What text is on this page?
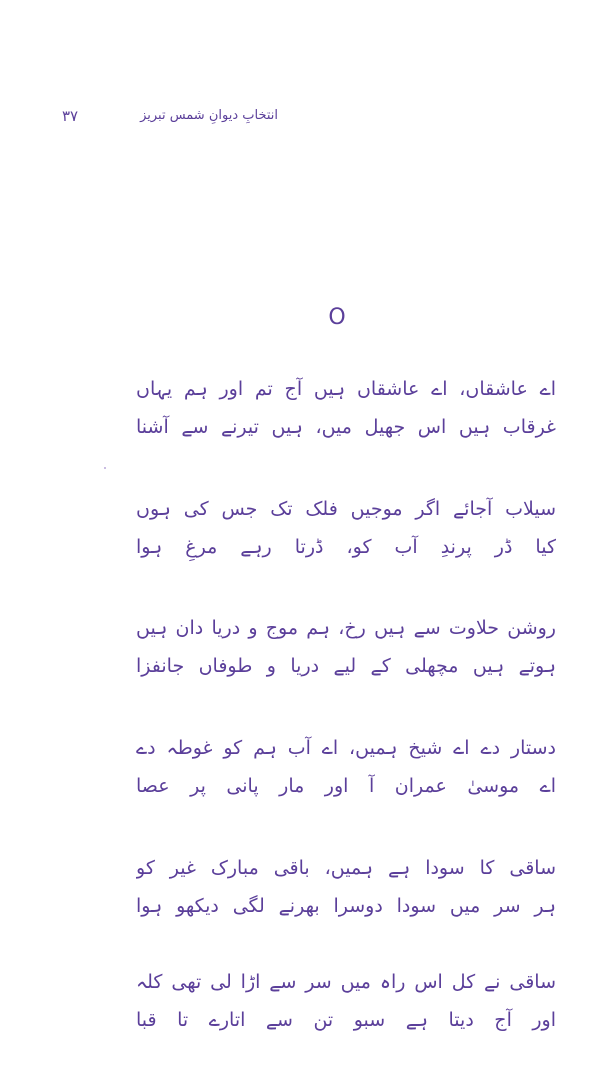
٣٧	انتخابِ دیوانِ شمس تبریز
O
اے عاشقاں، اے عاشقاں ہیں آج تم اور ہم یہاں
غرقاب ہیں اس جھیل میں، ہیں تیرنے سے آشنا
سیلاب آجائے اگر موجیں فلک تک جس کی ہوں
کیا ڈر پرندِ آب کو، ڈرتا رہے مرغِ ہوا
روشن حلاوت سے ہیں رخ، ہم موج و دریا دان ہیں
ہوتے ہیں مچھلی کے لیے دریا و طوفاں جانفزا
دستار دے اے شیخ ہمیں، اے آب ہم کو غوطہ دے
اے موسیٰ عمران آ اور مار پانی پر عصا
ساقی کا سودا ہے ہمیں، باقی مبارک غیر کو
ہر سر میں سودا دوسرا بھرنے لگی دیکھو ہوا
ساقی نے کل اس راہ میں سر سے اڑا لی تھی کلہ
اور آج دیتا ہے سبو تن سے اتارے تا قبا
